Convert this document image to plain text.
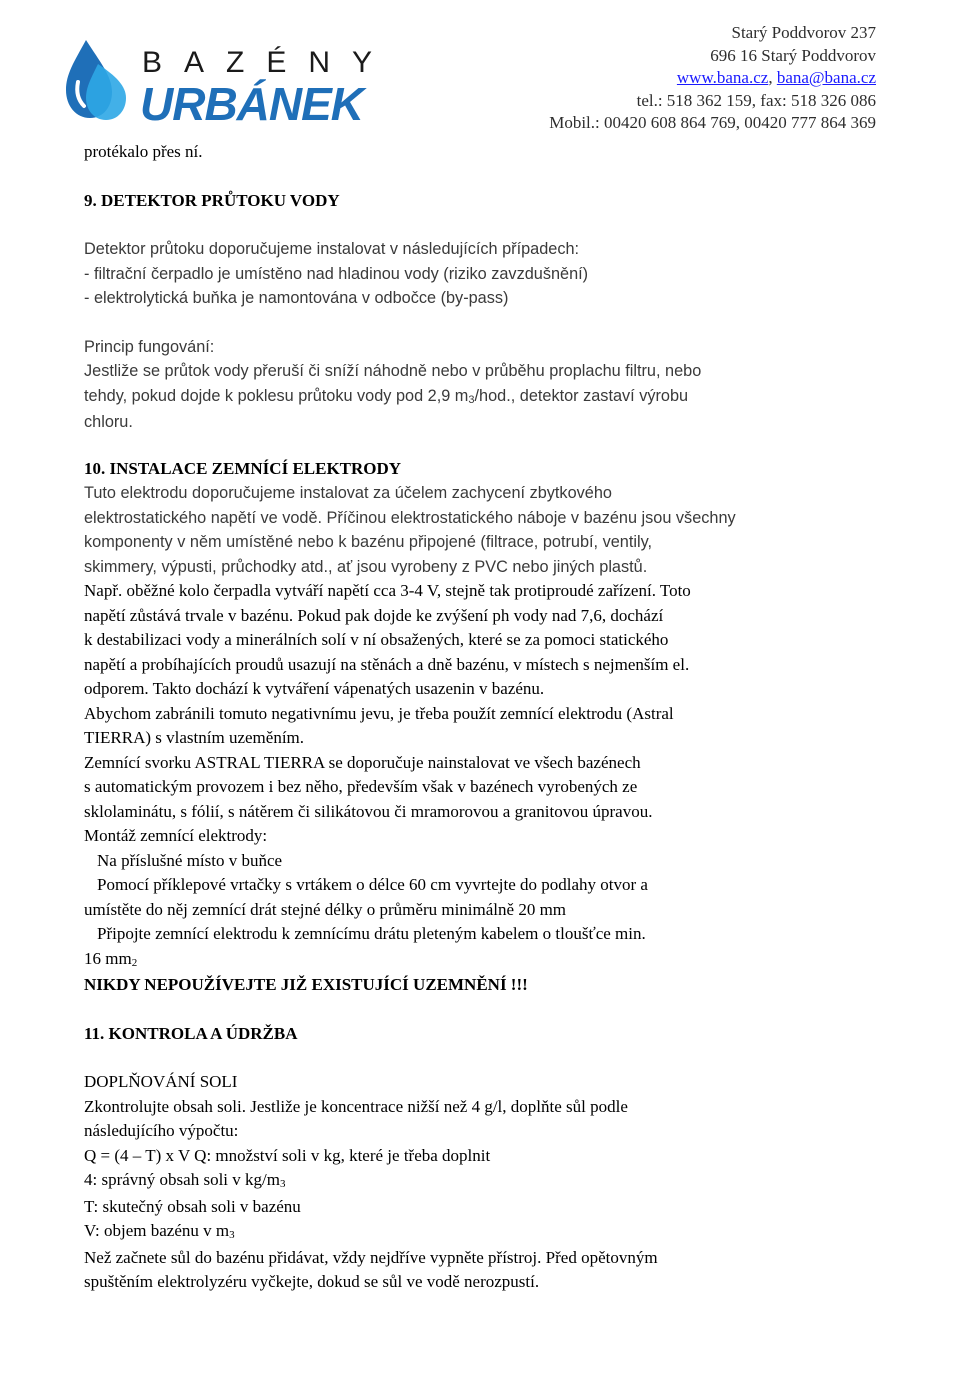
BAZÉNY
URBÁNEK
Starý Poddvorov 237
696 16 Starý Poddvorov
www.bana.cz, bana@bana.cz
tel.: 518 362 159, fax: 518 326 086
Mobil.: 00420 608 864 769, 00420 777 864 369

protékalo přes ní.

9. DETEKTOR PRŮTOKU VODY

Detektor průtoku doporučujeme instalovat v následujících případech:

- filtrační čerpadlo je umístěno nad hladinou vody (riziko zavzdušnění)

- elektrolytická buňka je namontována v odbočce (by-pass)

Princip fungování:

Jestliže se průtok vody přeruší či sníží náhodně nebo v průběhu proplachu filtru, nebo

tehdy, pokud dojde k poklesu průtoku vody pod 2,9 m3/hod., detektor zastaví výrobu

chloru.

10. INSTALACE ZEMNÍCÍ ELEKTRODY

Tuto elektrodu doporučujeme instalovat za účelem zachycení zbytkového

elektrostatického napětí ve vodě. Příčinou elektrostatického náboje v bazénu jsou všechny

komponenty v něm umístěné nebo k bazénu připojené (filtrace, potrubí, ventily,

skimmery, výpusti, průchodky atd., ať jsou vyrobeny z PVC nebo jiných plastů.

Např. oběžné kolo čerpadla vytváří napětí cca 3-4 V, stejně tak protiproudé zařízení. Toto

napětí zůstává trvale v bazénu. Pokud pak dojde ke zvýšení ph vody nad 7,6, dochází

k destabilizaci vody a minerálních solí v ní obsažených, které se za pomoci statického

napětí a probíhajících proudů usazují na stěnách a dně bazénu, v místech s nejmenším el.

odporem. Takto dochází k vytváření vápenatých usazenin v bazénu.

Abychom zabránili tomuto negativnímu jevu, je třeba použít zemnící elektrodu (Astral

TIERRA) s vlastním uzeměním.

Zemnící svorku ASTRAL TIERRA se doporučuje nainstalovat ve všech bazénech

s automatickým provozem i bez něho, především však v bazénech vyrobených ze

sklolaminátu, s fólií, s nátěrem či silikátovou či mramorovou a granitovou úpravou.

Montáž zemnící elektrody:

Na příslušné místo v buňce

Pomocí příklepové vrtačky s vrtákem o délce 60 cm vyvrtejte do podlahy otvor a

umístěte do něj zemnící drát stejné délky o průměru minimálně 20 mm

Připojte zemnící elektrodu k zemnícímu drátu pleteným kabelem o tloušťce min.

16 mm2

NIKDY NEPOUŽÍVEJTE JIŽ EXISTUJÍCÍ UZEMNĚNÍ !!!

11. KONTROLA A ÚDRŽBA

DOPLŇOVÁNÍ SOLI

Zkontrolujte obsah soli. Jestliže je koncentrace nižší než 4 g/l, doplňte sůl podle

následujícího výpočtu:

Q = (4 – T) x V Q: množství soli v kg, které je třeba doplnit

4: správný obsah soli v kg/m3

T: skutečný obsah soli v bazénu

V: objem bazénu v m3

Než začnete sůl do bazénu přidávat, vždy nejdříve vypněte přístroj. Před opětovným

spuštěním elektrolyzéru vyčkejte, dokud se sůl ve vodě nerozpustí.
